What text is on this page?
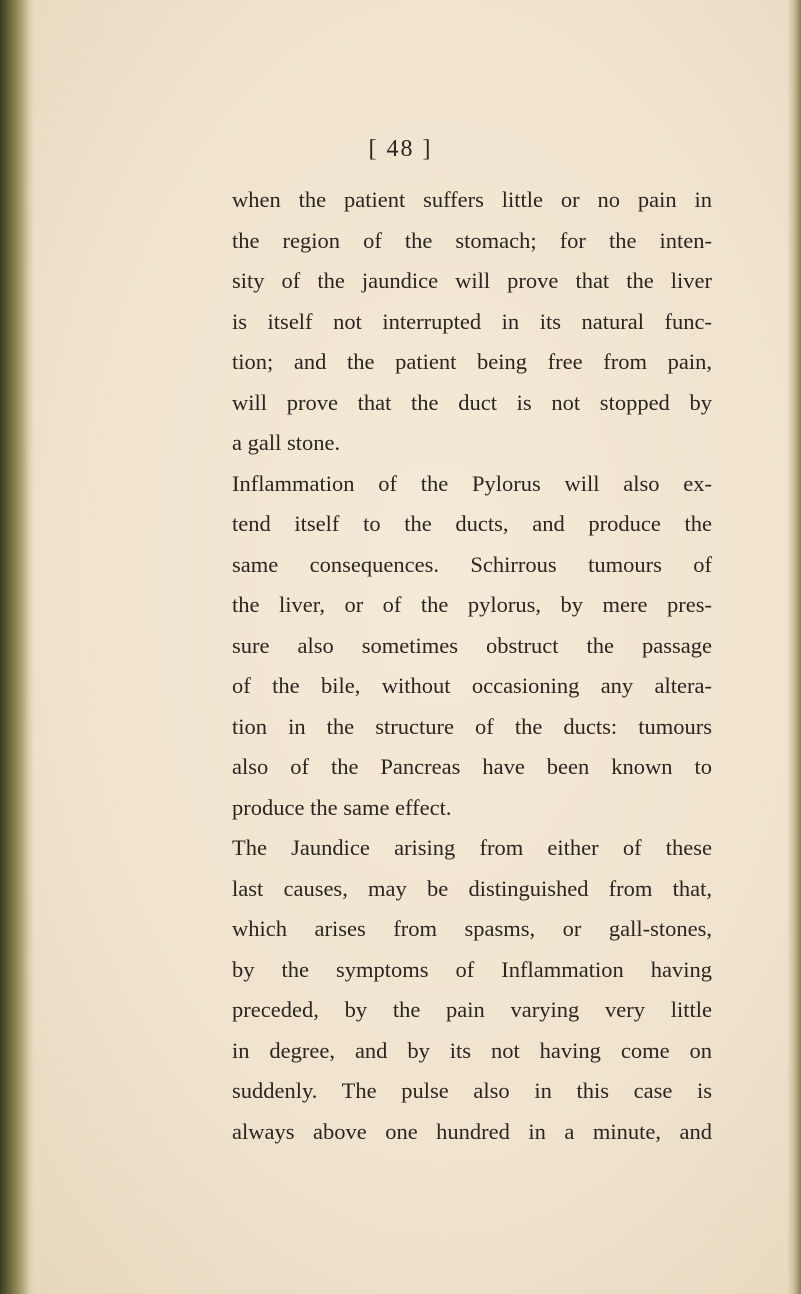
[ 48 ]
when the patient suffers little or no pain in
the region of the stomach; for the inten-
sity of the jaundice will prove that the liver
is itself not interrupted in its natural func-
tion; and the patient being free from pain,
will prove that the duct is not stopped by
a gall stone.
Inflammation of the Pylorus will also ex-
tend itself to the ducts, and produce the
same consequences. Schirrous tumours of
the liver, or of the pylorus, by mere pres-
sure also sometimes obstruct the passage
of the bile, without occasioning any altera-
tion in the structure of the ducts: tumours
also of the Pancreas have been known to
produce the same effect.
The Jaundice arising from either of these
last causes, may be distinguished from that,
which arises from spasms, or gall-stones,
by the symptoms of Inflammation having
preceded, by the pain varying very little
in degree, and by its not having come on
suddenly. The pulse also in this case is
always above one hundred in a minute, and
